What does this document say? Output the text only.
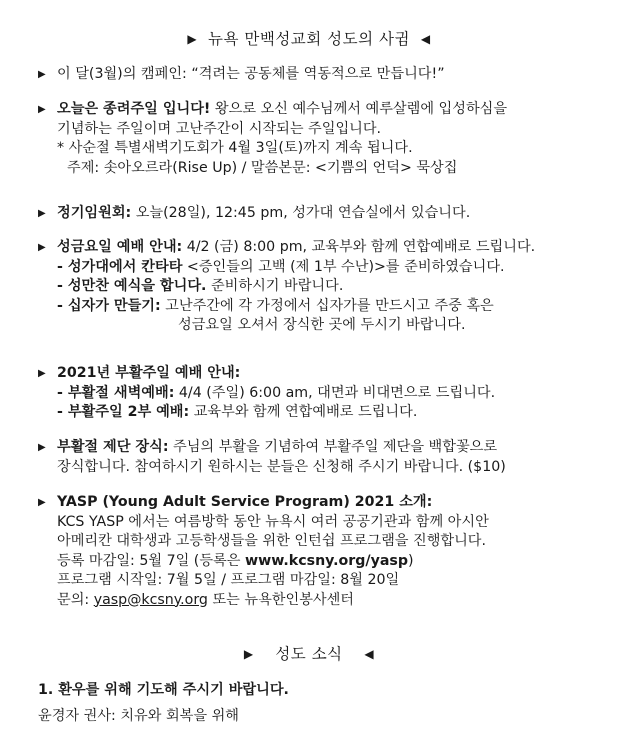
▶ 뉴욕 만백성교회 성도의 사귐 ◀
▶ 이 달(3월)의 캠페인: “격려는 공동체를 역동적으로 만듭니다!”
▶ 오늘은 종려주일 입니다! 왕으로 오신 예수님께서 예루살렘에 입성하심을
기념하는 주일이며 고난주간이 시작되는 주일입니다.
* 사순절 특별새벽기도회가 4월 3일(토)까지 계속 됩니다.
주제: 솟아오르라(Rise Up) / 말씀본문: <기쁨의 언덕> 묵상집
▶ 정기임원회: 오늘(28일), 12:45 pm, 성가대 연습실에서 있습니다.
▶ 성금요일 예배 안내: 4/2 (금) 8:00 pm, 교육부와 함께 연합예배로 드립니다.
- 성가대에서 칸타타 <증인들의 고백 (제 1부 수난)>를 준비하였습니다.
- 성만찬 예식을 합니다. 준비하시기 바랍니다.
- 십자가 만들기: 고난주간에 각 가정에서 십자가를 만드시고 주중 혹은
성금요일 오셔서 장식한 곳에 두시기 바랍니다.
▶ 2021년 부활주일 예배 안내:
- 부활절 새벽예배: 4/4 (주일) 6:00 am, 대면과 비대면으로 드립니다.
- 부활주일 2부 예배: 교육부와 함께 연합예배로 드립니다.
▶ 부활절 제단 장식: 주님의 부활을 기념하여 부활주일 제단을 백합꽃으로
장식합니다. 참여하시기 원하시는 분들은 신청해 주시기 바랍니다. ($10)
▶ YASP (Young Adult Service Program) 2021 소개:
KCS YASP 에서는 여름방학 동안 뉴욕시 여러 공공기관과 함께 아시안
아메리칸 대학생과 고등학생들을 위한 인턴쉽 프로그램을 진행합니다.
등록 마감일: 5월 7일 (등록은 www.kcsny.org/yasp)
프로그램 시작일: 7월 5일 / 프로그램 마감일: 8월 20일
문의: yasp@kcsny.org 또는 뉴욕한인봉사센터
▶ 성도 소식 ◀
1. 환우를 위해 기도해 주시기 바랍니다.
윤경자 권사: 치유와 회복을 위해
